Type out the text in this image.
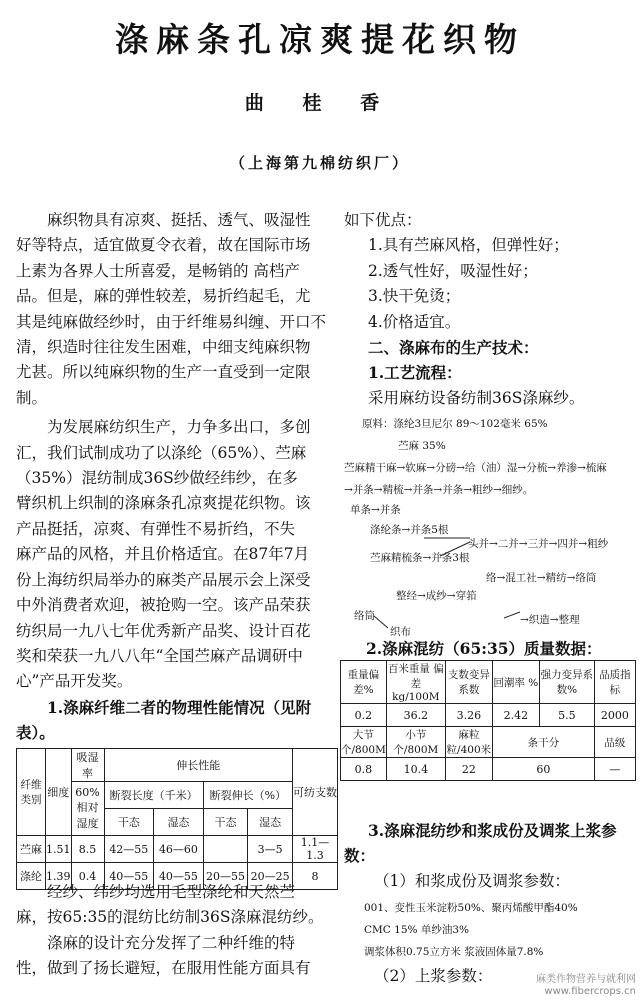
涤麻条孔凉爽提花织物
曲 桂 香
（上海第九棉纺织厂）

麻织物具有凉爽、挺括、透气、吸湿性

好等特点，适宜做夏令衣着，故在国际市场
上素为各界人士所喜爱，是畅销的 高档产
品。但是，麻的弹性较差，易折绉起毛，尤
其是纯麻做经纱时，由于纤维易纠缠、开口不
清，织造时往往发生困难，中细支纯麻织物
尤甚。所以纯麻织物的生产一直受到一定限
制。

为发展麻纺织生产，力争多出口，多创

汇，我们试制成功了以涤纶（65%）、苎麻
（35%）混纺制成36S纱做经纬纱，在多
臂织机上织制的涤麻条孔凉爽提花织物。该
产品挺括，凉爽、有弹性不易折绉，不失
麻产品的风格，并且价格适宜。在87年7月
份上海纺织局举办的麻类产品展示会上深受
中外消费者欢迎，被抢购一空。该产品荣获
纺织局一九八七年优秀新产品奖、设计百花
奖和荣获一九八八年“全国苎麻产品调研中
心”产品开发奖。

1.涤麻纤维二者的物理性能情况（见附

表）。
纤维类别	细度	吸湿率	伸长性能				可纺支数
		60%相对湿度	断裂长度（千米）		断裂伸长（%）		
			干态	湿态	干态	湿态	
苎麻	1.51	8.5	42—55	46—60		3—5	1.1—1.3
涤纶	1.39	0.4	40—55	40—55	20—55	20—25	8

经纱、纬纱均选用毛型涤纶和天然苎

麻，按65:35的混纺比纺制36S涤麻混纺纱。

涤麻的设计充分发挥了二种纤维的特

性，做到了扬长避短，在服用性能方面具有
如下优点：
1.具有苎麻风格，但弹性好；
2.透气性好，吸湿性好；
3.快干免烫；
4.价格适宜。
二、涤麻布的生产技术：
1.工艺流程：
采用麻纺设备纺制36S涤麻纱。
原料：涤纶3旦尼尔 89～102毫米 65%
苎麻 35%
苎麻精干麻→软麻→分磅→给（油）湿→分梳→养渗→梳麻
→并条→精梳→并条→并条→粗纱→细纱。
单条→并条
涤纶条→并条5根
苎麻精梳条→并条3根
头并→二并→三并→四并→粗纱
络→混工社→精纺→络筒
整经→成纱→穿筘
络筒
织布
→织造→整理
2.涤麻混纺（65:35）质量数据：
重量偏差%	百米重量 偏 差 kg/100M	支数变异系数	回潮率 %	强力变异系数%	品质指标
0.2	36.2	3.26	2.42	5.5	2000
大节个/800M	小节个/800M	麻粒 粒/400米	条干分		品级
0.8	10.4	22	60		—
3.涤麻混纺纱和浆成份及调浆上浆参
数：
（1）和浆成份及调浆参数：
001、变性玉米淀粉50%、聚丙烯酸甲酯40%
CMC 15% 单纱油3%
调浆体积0.75立方米 浆液固体量7.8%
（2）上浆参数：	麻类作物营养与就利网
www.fibercrops.cn
